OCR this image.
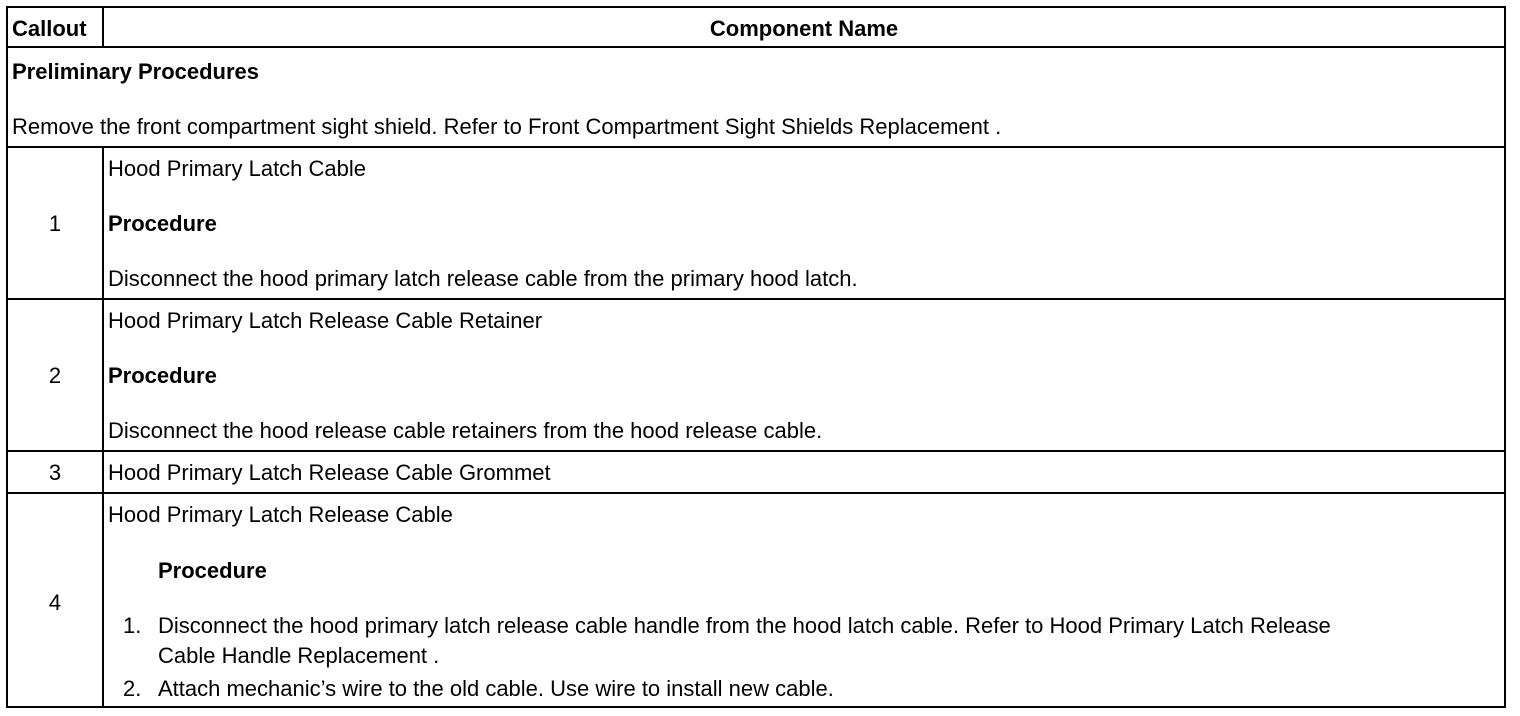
Callout	Component Name
Preliminary Procedures
Remove the front compartment sight shield. Refer to Front Compartment Sight Shields Replacement .
1
Hood Primary Latch Cable
Procedure
Disconnect the hood primary latch release cable from the primary hood latch.
2
Hood Primary Latch Release Cable Retainer
Procedure
Disconnect the hood release cable retainers from the hood release cable.
3	Hood Primary Latch Release Cable Grommet
4
Hood Primary Latch Release Cable
Procedure
1. Disconnect the hood primary latch release cable handle from the hood latch cable. Refer to Hood Primary Latch Release
Cable Handle Replacement .
2. Attach mechanic’s wire to the old cable. Use wire to install new cable.
